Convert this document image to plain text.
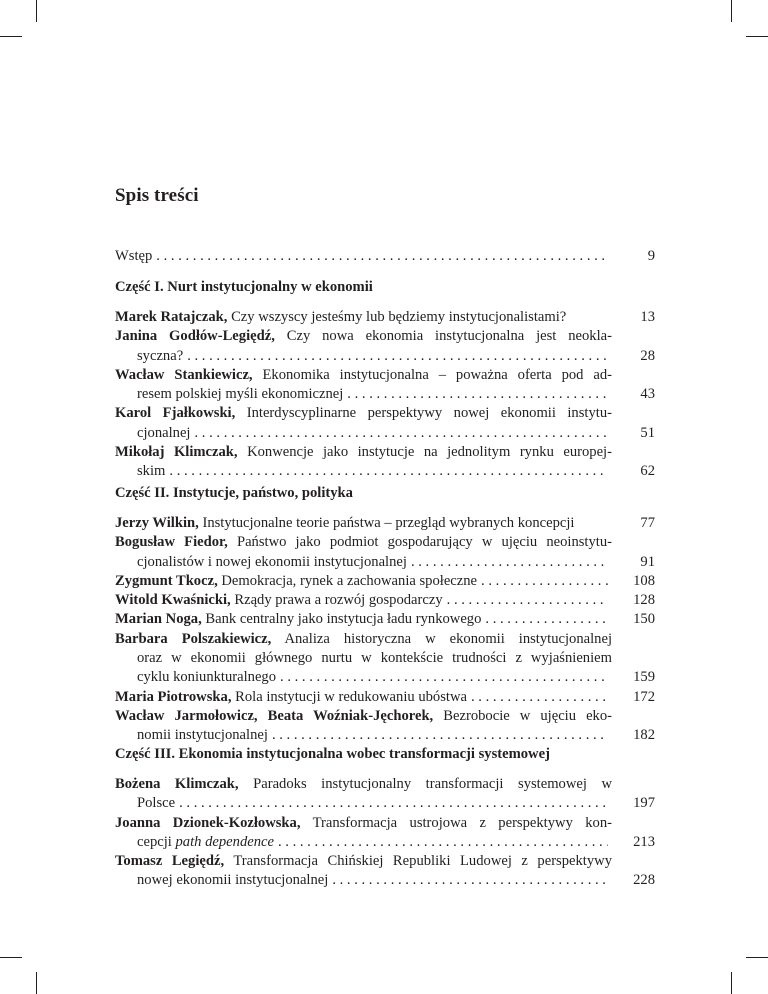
Spis treści
Wstęp . . .	9
Część I. Nurt instytucjonalny w ekonomii
Marek Ratajczak, Czy wszyscy jesteśmy lub będziemy instytucjonalistami?	13
Janina Godłów-Legiędź, Czy nowa ekonomia instytucjonalna jest neokla-
syczna? . . .	28
Wacław Stankiewicz, Ekonomika instytucjonalna – poważna oferta pod ad-
resem polskiej myśli ekonomicznej . . .	43
Karol Fjałkowski, Interdyscyplinarne perspektywy nowej ekonomii instytu-
cjonalnej . . .	51
Mikołaj Klimczak, Konwencje jako instytucje na jednolitym rynku europej-
skim . . .	62
Część II. Instytucje, państwo, polityka
Jerzy Wilkin, Instytucjonalne teorie państwa – przegląd wybranych koncepcji	77
Bogusław Fiedor, Państwo jako podmiot gospodarujący w ujęciu neoinstytu-
cjonalistów i nowej ekonomii instytucjonalnej . . .	91
Zygmunt Tkocz, Demokracja, rynek a zachowania społeczne . . .	108
Witold Kwaśnicki, Rządy prawa a rozwój gospodarczy . . .	128
Marian Noga, Bank centralny jako instytucja ładu rynkowego . . .	150
Barbara Polszakiewicz, Analiza historyczna w ekonomii instytucjonalnej
oraz w ekonomii głównego nurtu w kontekście trudności z wyjaśnieniem
cyklu koniunkturalnego . . .	159
Maria Piotrowska, Rola instytucji w redukowaniu ubóstwa . . .	172
Wacław Jarmołowicz, Beata Woźniak-Jęchorek, Bezrobocie w ujęciu eko-
nomii instytucjonalnej . . .	182
Część III. Ekonomia instytucjonalna wobec transformacji systemowej
Bożena Klimczak, Paradoks instytucjonalny transformacji systemowej w
Polsce . . .	197
Joanna Dzionek-Kozłowska, Transformacja ustrojowa z perspektywy kon-
cepcji path dependence . . .	213
Tomasz Legiędź, Transformacja Chińskiej Republiki Ludowej z perspektywy
nowej ekonomii instytucjonalnej . . .	228
